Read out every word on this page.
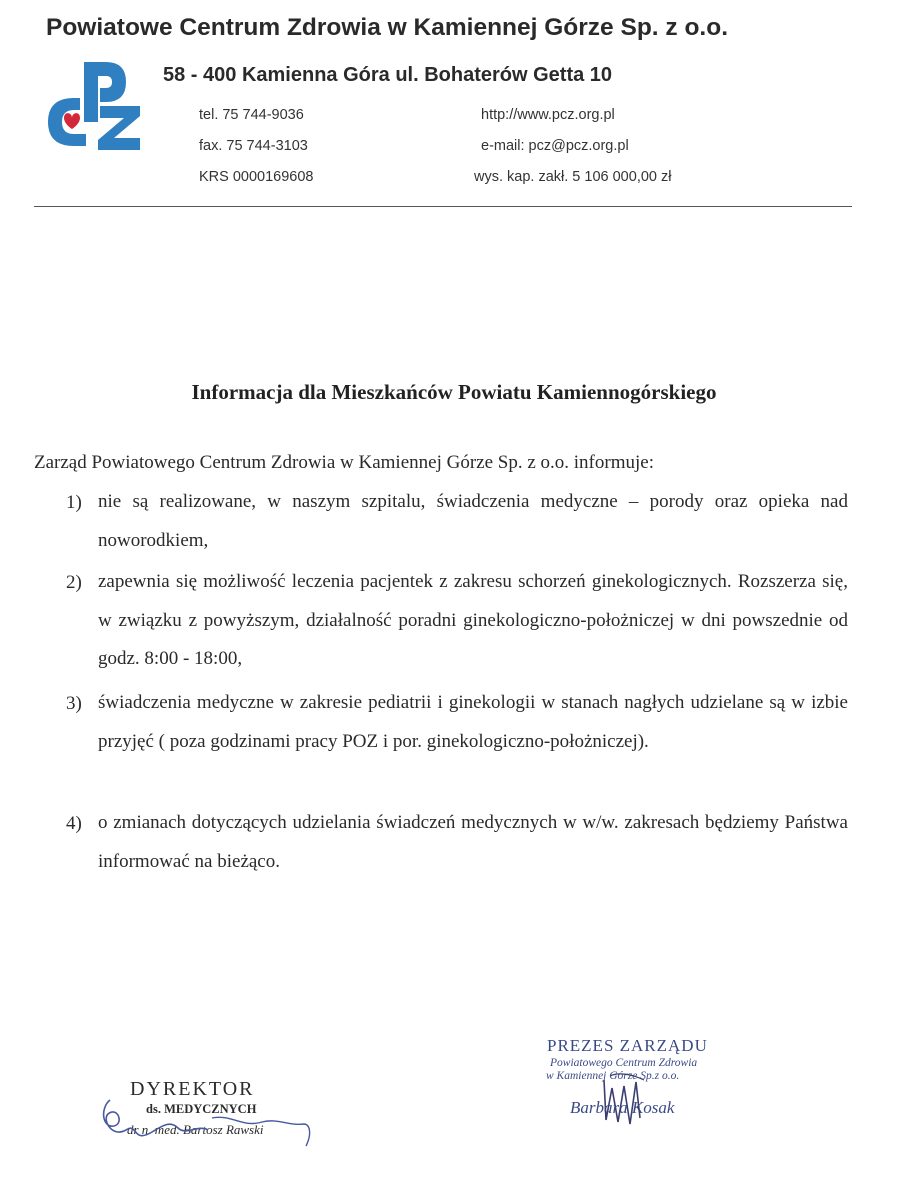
Powiatowe Centrum Zdrowia w Kamiennej Górze Sp. z o.o.
58 - 400 Kamienna Góra ul. Bohaterów Getta 10
tel. 75 744-9036
fax. 75 744-3103
KRS 0000169608
http://www.pcz.org.pl
e-mail: pcz@pcz.org.pl
wys. kap. zakł. 5 106 000,00 zł
Informacja dla Mieszkańców Powiatu Kamiennogórskiego
Zarząd Powiatowego Centrum Zdrowia w Kamiennej Górze Sp. z o.o. informuje:
1) nie są realizowane, w naszym szpitalu, świadczenia medyczne – porody oraz opieka nad noworodkiem,
2) zapewnia się możliwość leczenia pacjentek z zakresu schorzeń ginekologicznych. Rozszerza się, w związku z powyższym, działalność poradni ginekologiczno-położniczej w dni powszednie od godz. 8:00 - 18:00,
3) świadczenia medyczne w zakresie pediatrii i ginekologii w stanach nagłych udzielane są w izbie przyjęć ( poza godzinami pracy POZ i por. ginekologiczno-położniczej).
4) o zmianach dotyczących udzielania świadczeń medycznych w w/w. zakresach będziemy Państwa informować na bieżąco.
DYREKTOR
ds. MEDYCZNYCH
dr n. med. Bartosz Rawski
PREZES ZARZĄDU
Powiatowego Centrum Zdrowia
w Kamiennej Górze Sp.z o.o.
Barbara Kosak
